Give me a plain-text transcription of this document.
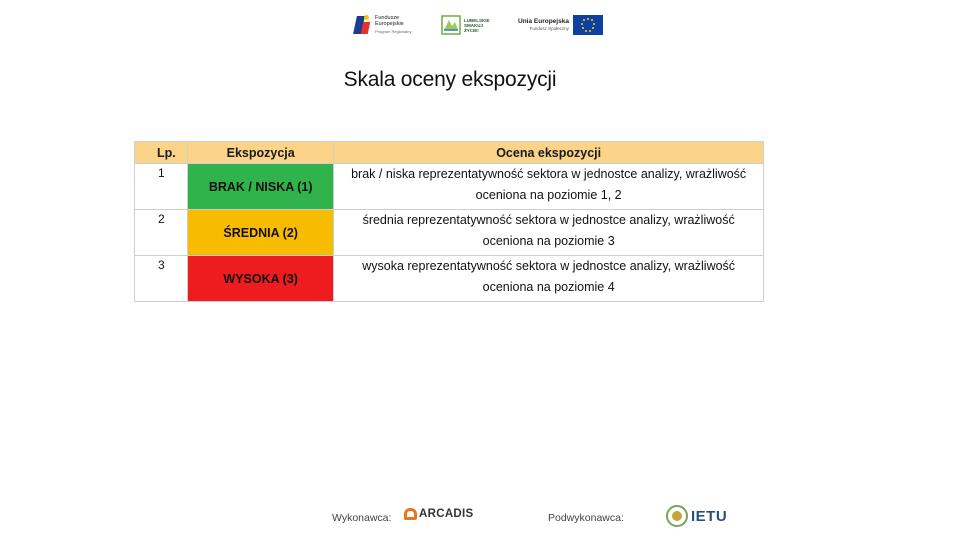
Fundusze
Europejskie
Program Regionalny
LUBELSKIE
SMAKUJ
ŻYCIE!
Unia Europejska
Fundusz Społeczny
Skala oceny ekspozycji
Lp.	Ekspozycja	Ocena ekspozycji
1	BRAK / NISKA (1)	brak / niska reprezentatywność sektora w jednostce analizy, wrażliwość
oceniona na poziomie 1, 2

2	ŚREDNIA (2)	średnia reprezentatywność sektora w jednostce analizy, wrażliwość
oceniona na poziomie 3

3	WYSOKA (3)	wysoka reprezentatywność sektora w jednostce analizy, wrażliwość
oceniona na poziomie 4
Wykonawca: ARCADIS	Podwykonawca:	IETU
